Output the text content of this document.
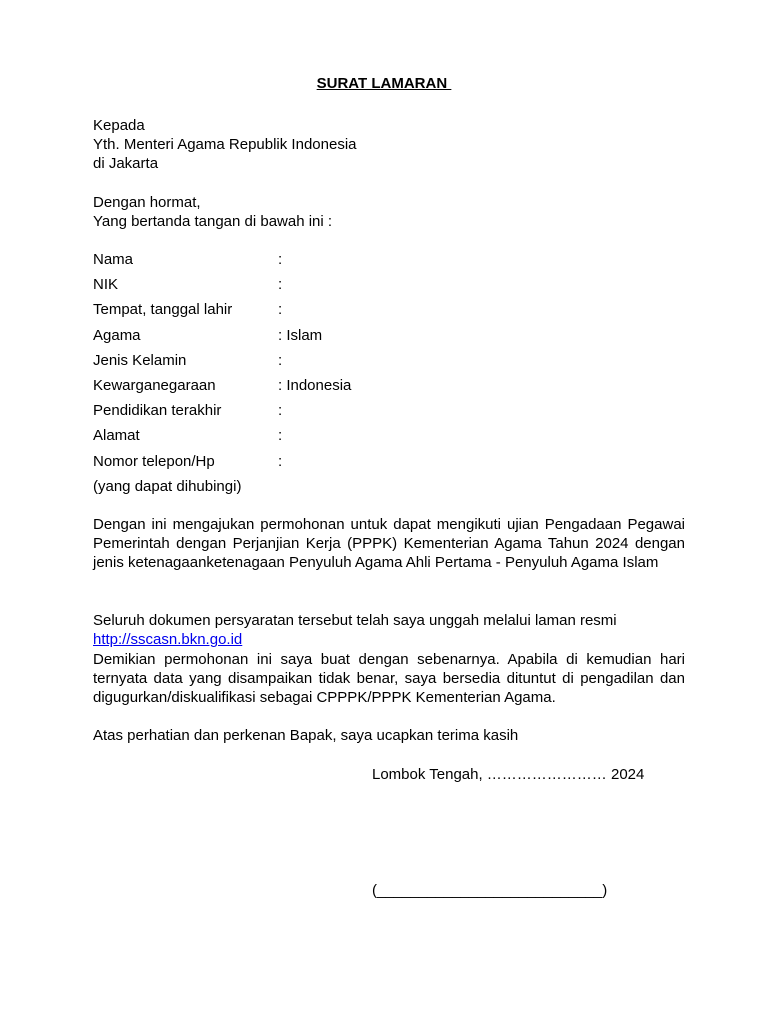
SURAT LAMARAN
Kepada
Yth. Menteri Agama Republik Indonesia
di Jakarta
Dengan hormat,
Yang bertanda tangan di bawah ini :
Nama	:
NIK	:
Tempat, tanggal lahir	:
Agama	: Islam
Jenis Kelamin	:
Kewarganegaraan	: Indonesia
Pendidikan terakhir	:
Alamat	:
Nomor telepon/Hp	:
(yang dapat dihubingi)
Dengan ini mengajukan permohonan untuk dapat mengikuti ujian Pengadaan Pegawai Pemerintah dengan Perjanjian Kerja (PPPK) Kementerian Agama Tahun 2024 dengan jenis ketenagaanketenagaan Penyuluh Agama Ahli Pertama - Penyuluh Agama Islam
Seluruh dokumen persyaratan tersebut telah saya unggah melalui laman resmi
http://sscasn.bkn.go.id
Demikian permohonan ini saya buat dengan sebenarnya. Apabila di kemudian hari ternyata data yang disampaikan tidak benar, saya bersedia dituntut di pengadilan dan digugurkan/diskualifikasi sebagai CPPPK/PPPK Kementerian Agama.
Atas perhatian dan perkenan Bapak, saya ucapkan terima kasih
Lombok Tengah, …………………… 2024
(___________________________)
